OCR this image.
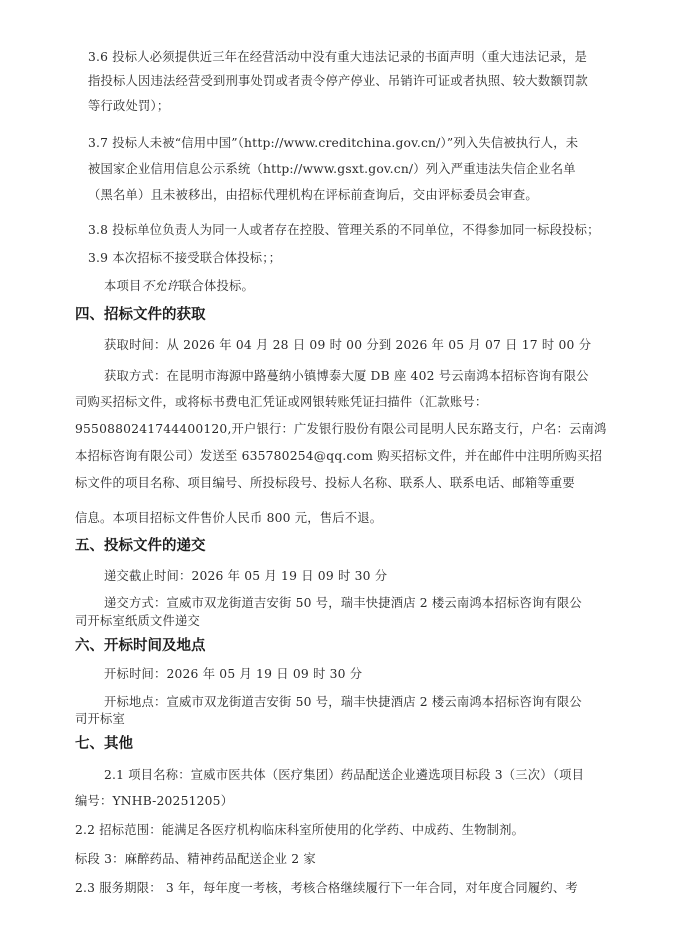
3.6 投标人必须提供近三年在经营活动中没有重大违法记录的书面声明（重大违法记录，是
指投标人因违法经营受到刑事处罚或者责令停产停业、吊销许可证或者执照、较大数额罚款
等行政处罚）；
3.7 投标人未被“信用中国”（http://www.creditchina.gov.cn/）”列入失信被执行人，未
被国家企业信用信息公示系统（http://www.gsxt.gov.cn/）列入严重违法失信企业名单
（黑名单）且未被移出，由招标代理机构在评标前查询后，交由评标委员会审查。
3.8 投标单位负责人为同一人或者存在控股、管理关系的不同单位，不得参加同一标段投标；
3.9 本次招标不接受联合体投标；；
本项目不允许联合体投标。
四、招标文件的获取
获取时间：从 2026 年 04 月 28 日 09 时 00 分到 2026 年 05 月 07 日 17 时 00 分
获取方式：在昆明市海源中路蔓纳小镇博泰大厦 DB 座 402 号云南鸿本招标咨询有限公
司购买招标文件，或将标书费电汇凭证或网银转账凭证扫描件（汇款账号：
9550880241744400120,开户银行：广发银行股份有限公司昆明人民东路支行，户名：云南鸿
本招标咨询有限公司）发送至 635780254@qq.com 购买招标文件，并在邮件中注明所购买招
标文件的项目名称、项目编号、所投标段号、投标人名称、联系人、联系电话、邮箱等重要
信息。本项目招标文件售价人民币 800 元，售后不退。
五、投标文件的递交
递交截止时间：2026 年 05 月 19 日 09 时 30 分
递交方式：宣威市双龙街道吉安街 50 号，瑞丰快捷酒店 2 楼云南鸿本招标咨询有限公
司开标室纸质文件递交
六、开标时间及地点
开标时间：2026 年 05 月 19 日 09 时 30 分
开标地点：宣威市双龙街道吉安街 50 号，瑞丰快捷酒店 2 楼云南鸿本招标咨询有限公
司开标室
七、其他
2.1 项目名称：宣威市医共体（医疗集团）药品配送企业遴选项目标段 3（三次）（项目
编号：YNHB-20251205）
2.2 招标范围：能满足各医疗机构临床科室所使用的化学药、中成药、生物制剂。
标段 3：麻醉药品、精神药品配送企业 2 家
2.3 服务期限： 3 年，每年度一考核，考核合格继续履行下一年合同，对年度合同履约、考
